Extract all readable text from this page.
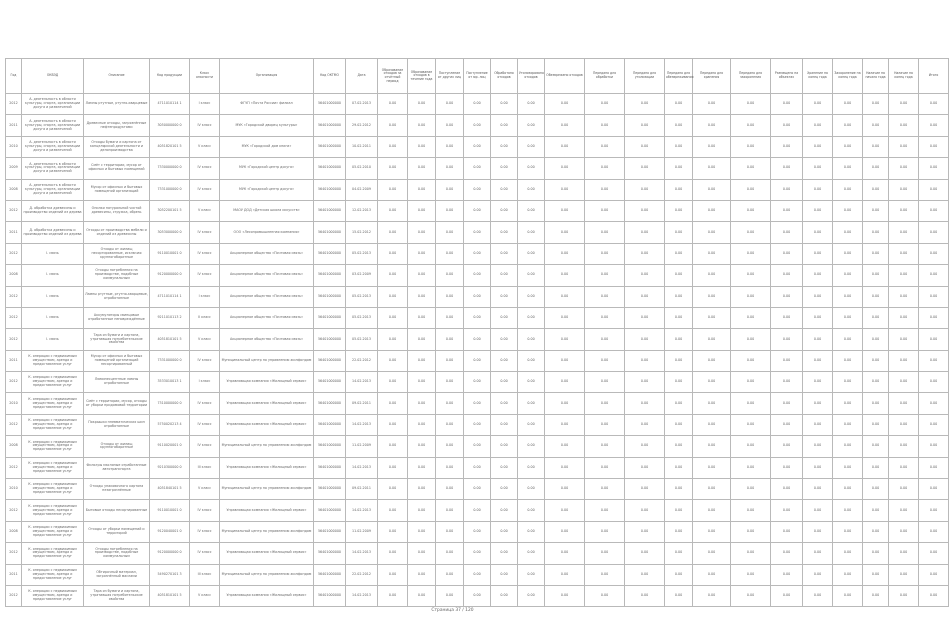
Год	ОКВЭД	Описание	Код продукции	Класс опасности	Организация	Код ОКТМО	Дата	Образование отходов за отчётный период	Образование отходов в течение года	Поступление от других лиц	Поступление от юр. лиц	Обработано отходов	Утилизировано отходов	Обезврежено отходов	Передано для обработки	Передано для утилизации	Передано для обезвреживания	Передано для хранения	Передано для захоронения	Размещено на объектах	Хранение на конец года	Захоронение на конец года	Наличие на начало года	Наличие на конец года	Итого
2012	А. деятельность в области культуры, спорта, организации досуга и развлечений	Лампы ртутные, ртутно-кварцевые	4711010114 1	I класс	ФГУП «Почта России» филиал	56401000000	07.02.2013	0.00	0.00	0.00	0.00	0.00	0.00	0.00	0.00	0.00	0.00	0.00	0.00	0.00	0.00	0.00	0.00	0.00	0.00
2011	А. деятельность в области культуры, спорта, организации досуга и развлечений	Древесные отходы, загрязнённые нефтепродуктами	3050000000 0	IV класс	МУК «Городской дворец культуры»	56401000000	29.02.2012	0.00	0.00	0.00	0.00	0.00	0.00	0.00	0.00	0.00	0.00	0.00	0.00	0.00	0.00	0.00	0.00	0.00	0.00
2010	А. деятельность в области культуры, спорта, организации досуга и развлечений	Отходы бумаги и картона от канцелярской деятельности и делопроизводства	4051820101 5	V класс	МУК «Городской дом книги»	56401000000	10.02.2011	0.00	0.00	0.00	0.00	0.00	0.00	0.00	0.00	0.00	0.00	0.00	0.00	0.00	0.00	0.00	0.00	0.00	0.00
2009	А. деятельность в области культуры, спорта, организации досуга и развлечений	Смёт с территории, мусор от офисных и бытовых помещений	7330000000 0	IV класс	МУК «Городской центр досуга»	56401000000	05.02.2010	0.00	0.00	0.00	0.00	0.00	0.00	0.00	0.00	0.00	0.00	0.00	0.00	0.00	0.00	0.00	0.00	0.00	0.00
2008	А. деятельность в области культуры, спорта, организации досуга и развлечений	Мусор от офисных и бытовых помещений организаций	7331000000 0	IV класс	МУК «Городской центр досуга»	56401000000	04.02.2009	0.00	0.00	0.00	0.00	0.00	0.00	0.00	0.00	0.00	0.00	0.00	0.00	0.00	0.00	0.00	0.00	0.00	0.00
2012	Д. обработка древесины и производство изделий из дерева	Опилки натуральной чистой древесины, стружка, обрезь	3052200101 5	V класс	МАОУ ДОД «Детская школа искусств»	56401000000	12.02.2013	0.00	0.00	0.00	0.00	0.00	0.00	0.00	0.00	0.00	0.00	0.00	0.00	0.00	0.00	0.00	0.00	0.00	0.00
2011	Д. обработка древесины и производство изделий из дерева	Отходы от производства мебели и изделий из древесины	3053000000 0	IV класс	ООО «Лесопромышленная компания»	56401000000	15.02.2012	0.00	0.00	0.00	0.00	0.00	0.00	0.00	0.00	0.00	0.00	0.00	0.00	0.00	0.00	0.00	0.00	0.00	0.00
2012	I. связь	Отходы от жилищ несортированные, исключая крупногабаритные	9110010001 0	IV класс	Акционерное общество «Почтовая связь»	56401000000	05.02.2013	0.00	0.00	0.00	0.00	0.00	0.00	0.00	0.00	0.00	0.00	0.00	0.00	0.00	0.00	0.00	0.00	0.00	0.00
2008	I. связь	Отходы потребления на производстве, подобные коммунальным	9120000000 0	IV класс	Акционерное общество «Почтовая связь»	56401000000	03.02.2009	0.00	0.00	0.00	0.00	0.00	0.00	0.00	0.00	0.00	0.00	0.00	0.00	0.00	0.00	0.00	0.00	0.00	0.00
2012	I. связь	Лампы ртутные, ртутно-кварцевые, отработанные	4711010114 1	I класс	Акционерное общество «Почтовая связь»	56401000000	05.02.2013	0.00	0.00	0.00	0.00	0.00	0.00	0.00	0.00	0.00	0.00	0.00	0.00	0.00	0.00	0.00	0.00	0.00	0.00
2012	I. связь	Аккумуляторы свинцовые отработанные неповреждённые	9211010113 2	II класс	Акционерное общество «Почтовая связь»	56401000000	05.02.2013	0.00	0.00	0.00	0.00	0.00	0.00	0.00	0.00	0.00	0.00	0.00	0.00	0.00	0.00	0.00	0.00	0.00	0.00
2012	I. связь	Тара из бумаги и картона, утратившая потребительские свойства	4051810101 5	V класс	Акционерное общество «Почтовая связь»	56401000000	05.02.2013	0.00	0.00	0.00	0.00	0.00	0.00	0.00	0.00	0.00	0.00	0.00	0.00	0.00	0.00	0.00	0.00	0.00	0.00
2011	К. операции с недвижимым имуществом, аренда и предоставление услуг	Мусор от офисных и бытовых помещений организаций несортированный	7331000000 0	IV класс	Муниципальный центр по управлению жилфондом	56401000000	22.02.2012	0.00	0.00	0.00	0.00	0.00	0.00	0.00	0.00	0.00	0.00	0.00	0.00	0.00	0.00	0.00	0.00	0.00	0.00
2012	К. операции с недвижимым имуществом, аренда и предоставление услуг	Люминесцентные лампы отработанные	3533010013 1	I класс	Управляющая компания «Жилищный сервис»	56401000000	14.02.2013	0.00	0.00	0.00	0.00	0.00	0.00	0.00	0.00	0.00	0.00	0.00	0.00	0.00	0.00	0.00	0.00	0.00	0.00
2010	К. операции с недвижимым имуществом, аренда и предоставление услуг	Смёт с территории, мусор, отходы от уборки придомовой территории	7310000000 0	IV класс	Управляющая компания «Жилищный сервис»	56401000000	09.02.2011	0.00	0.00	0.00	0.00	0.00	0.00	0.00	0.00	0.00	0.00	0.00	0.00	0.00	0.00	0.00	0.00	0.00	0.00
2012	К. операции с недвижимым имуществом, аренда и предоставление услуг	Покрышки пневматических шин отработанные	5750020213 4	IV класс	Управляющая компания «Жилищный сервис»	56401000000	14.02.2013	0.00	0.00	0.00	0.00	0.00	0.00	0.00	0.00	0.00	0.00	0.00	0.00	0.00	0.00	0.00	0.00	0.00	0.00
2008	К. операции с недвижимым имуществом, аренда и предоставление услуг	Отходы от жилищ крупногабаритные	9110020001 0	IV класс	Муниципальный центр по управлению жилфондом	56401000000	11.02.2009	0.00	0.00	0.00	0.00	0.00	0.00	0.00	0.00	0.00	0.00	0.00	0.00	0.00	0.00	0.00	0.00	0.00	0.00
2012	К. операции с недвижимым имуществом, аренда и предоставление услуг	Фильтры масляные отработанные автотранспорта	9210300000 0	III класс	Управляющая компания «Жилищный сервис»	56401000000	14.02.2013	0.00	0.00	0.00	0.00	0.00	0.00	0.00	0.00	0.00	0.00	0.00	0.00	0.00	0.00	0.00	0.00	0.00	0.00
2010	К. операции с недвижимым имуществом, аренда и предоставление услуг	Отходы упаковочного картона незагрязнённые	4051840101 5	V класс	Муниципальный центр по управлению жилфондом	56401000000	09.02.2011	0.00	0.00	0.00	0.00	0.00	0.00	0.00	0.00	0.00	0.00	0.00	0.00	0.00	0.00	0.00	0.00	0.00	0.00
2012	К. операции с недвижимым имуществом, аренда и предоставление услуг	Бытовые отходы несортированные	9110010001 0	IV класс	Управляющая компания «Жилищный сервис»	56401000000	14.02.2013	0.00	0.00	0.00	0.00	0.00	0.00	0.00	0.00	0.00	0.00	0.00	0.00	0.00	0.00	0.00	0.00	0.00	0.00
2008	К. операции с недвижимым имуществом, аренда и предоставление услуг	Отходы от уборки помещений и территорий	9120040001 0	IV класс	Муниципальный центр по управлению жилфондом	56401000000	11.02.2009	0.00	0.00	0.00	0.00	0.00	0.00	0.00	0.00	0.00	0.00	0.00	0.00	0.00	0.00	0.00	0.00	0.00	0.00
2012	К. операции с недвижимым имуществом, аренда и предоставление услуг	Отходы потребления на производстве, подобные коммунальным	9120000000 0	IV класс	Управляющая компания «Жилищный сервис»	56401000000	14.02.2013	0.00	0.00	0.00	0.00	0.00	0.00	0.00	0.00	0.00	0.00	0.00	0.00	0.00	0.00	0.00	0.00	0.00	0.00
2011	К. операции с недвижимым имуществом, аренда и предоставление услуг	Обтирочный материал, загрязнённый маслами	5490270101 3	III класс	Муниципальный центр по управлению жилфондом	56401000000	22.02.2012	0.00	0.00	0.00	0.00	0.00	0.00	0.00	0.00	0.00	0.00	0.00	0.00	0.00	0.00	0.00	0.00	0.00	0.00
2012	К. операции с недвижимым имуществом, аренда и предоставление услуг	Тара из бумаги и картона, утратившая потребительские свойства	4051810101 5	V класс	Управляющая компания «Жилищный сервис»	56401000000	14.02.2013	0.00	0.00	0.00	0.00	0.00	0.00	0.00	0.00	0.00	0.00	0.00	0.00	0.00	0.00	0.00	0.00	0.00	0.00
Страница 37 / 120
